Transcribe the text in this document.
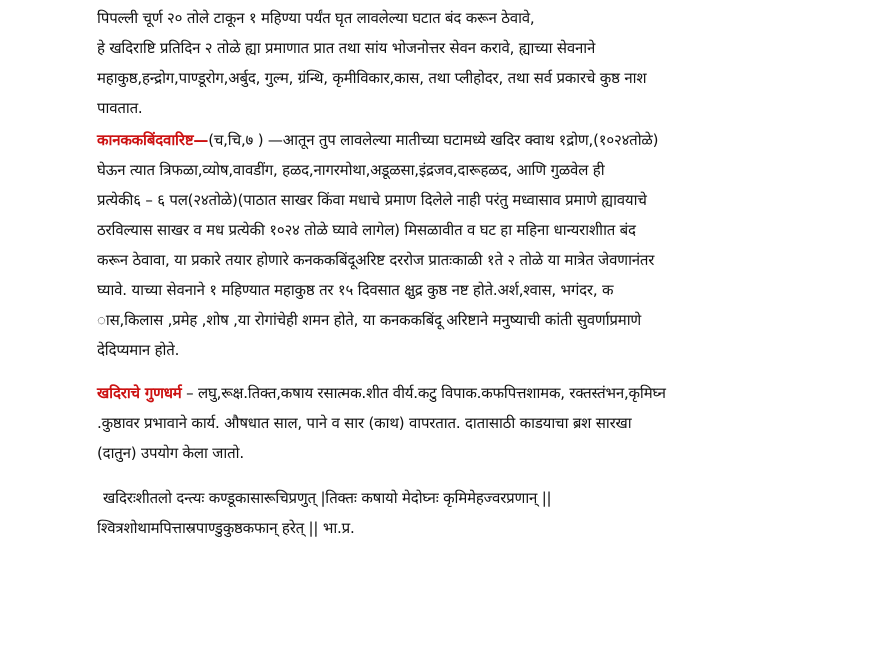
पिपल्ली चूर्ण २० तोले टाकून १ महिण्या पर्यंत घृत लावलेल्या घटात बंद करून ठेवावे,
हे खदिराष्टि प्रतिदिन २ तोळे ह्या प्रमाणात प्रात तथा सांय भोजनोत्तर सेवन करावे, ह्याच्या सेवनाने
महाकुष्ठ,हन्द्रोग,पाण्डूरोग,अर्बुद, गुल्म, ग्रंन्थि, कृमीविकार,कास, तथा प्लीहोदर, तथा सर्व प्रकारचे कुष्ठ नाश
पावतात.
कानककबिंदवारिष्ट—(च,चि,७ ) —आतून तुप लावलेल्या मातीच्या घटामध्ये खदिर क्वाथ १द्रोण,(१०२४तोळे)
घेऊन त्यात त्रिफळा,व्योष,वावडींग, हळद,नागरमोथा,अडूळसा,इंद्रजव,दारूहळद, आणि गुळवेल ही
प्रत्येकी६ – ६ पल(२४तोळे)(पाठात साखर किंवा मधाचे प्रमाण दिलेले नाही परंतु मध्वासाव प्रमाणे ह्यावयाचे
ठरविल्यास साखर व मध प्रत्येकी १०२४ तोळे घ्यावे लागेल) मिसळावीत व घट हा महिना धान्यराशीात बंद
करून ठेवावा, या प्रकारे तयार होणारे कनककबिंदूअरिष्ट दररोज प्रातःकाळी १ते २ तोळे या मात्रेत जेवणानंतर
घ्यावे. याच्या सेवनाने १ महिण्यात महाकुष्ठ तर १५ दिवसात क्षुद्र कुष्ठ नष्ट होते.अर्श,श्वास, भगंदर, क
ास,किलास ,प्रमेह ,शोष ,या रोगांचेही शमन होते, या कनककबिंदू अरिष्टाने मनुष्याची कांती सुवर्णाप्रमाणे
देदिप्यमान होते.
खदिराचे गुणधर्म – लघु,रूक्ष.तिक्त,कषाय रसात्मक.शीत वीर्य.कटु विपाक.कफपित्तशामक, रक्तस्तंभन,कृमिघ्न
.कुष्ठावर प्रभावाने कार्य. औषधात साल, पाने व सार (काथ) वापरतात. दातासाठी काडयाचा ब्रश सारखा
(दातुन) उपयोग केला जातो.
खदिरःशीतलो दन्त्यः कण्डूकासारूचिप्रणुत् |तिक्तः कषायो मेदोघ्नः कृमिमेहज्वरप्रणान् ||
श्वित्रशोथामपित्तास्रपाण्डुकुष्ठकफान् हरेत् || भा.प्र.
